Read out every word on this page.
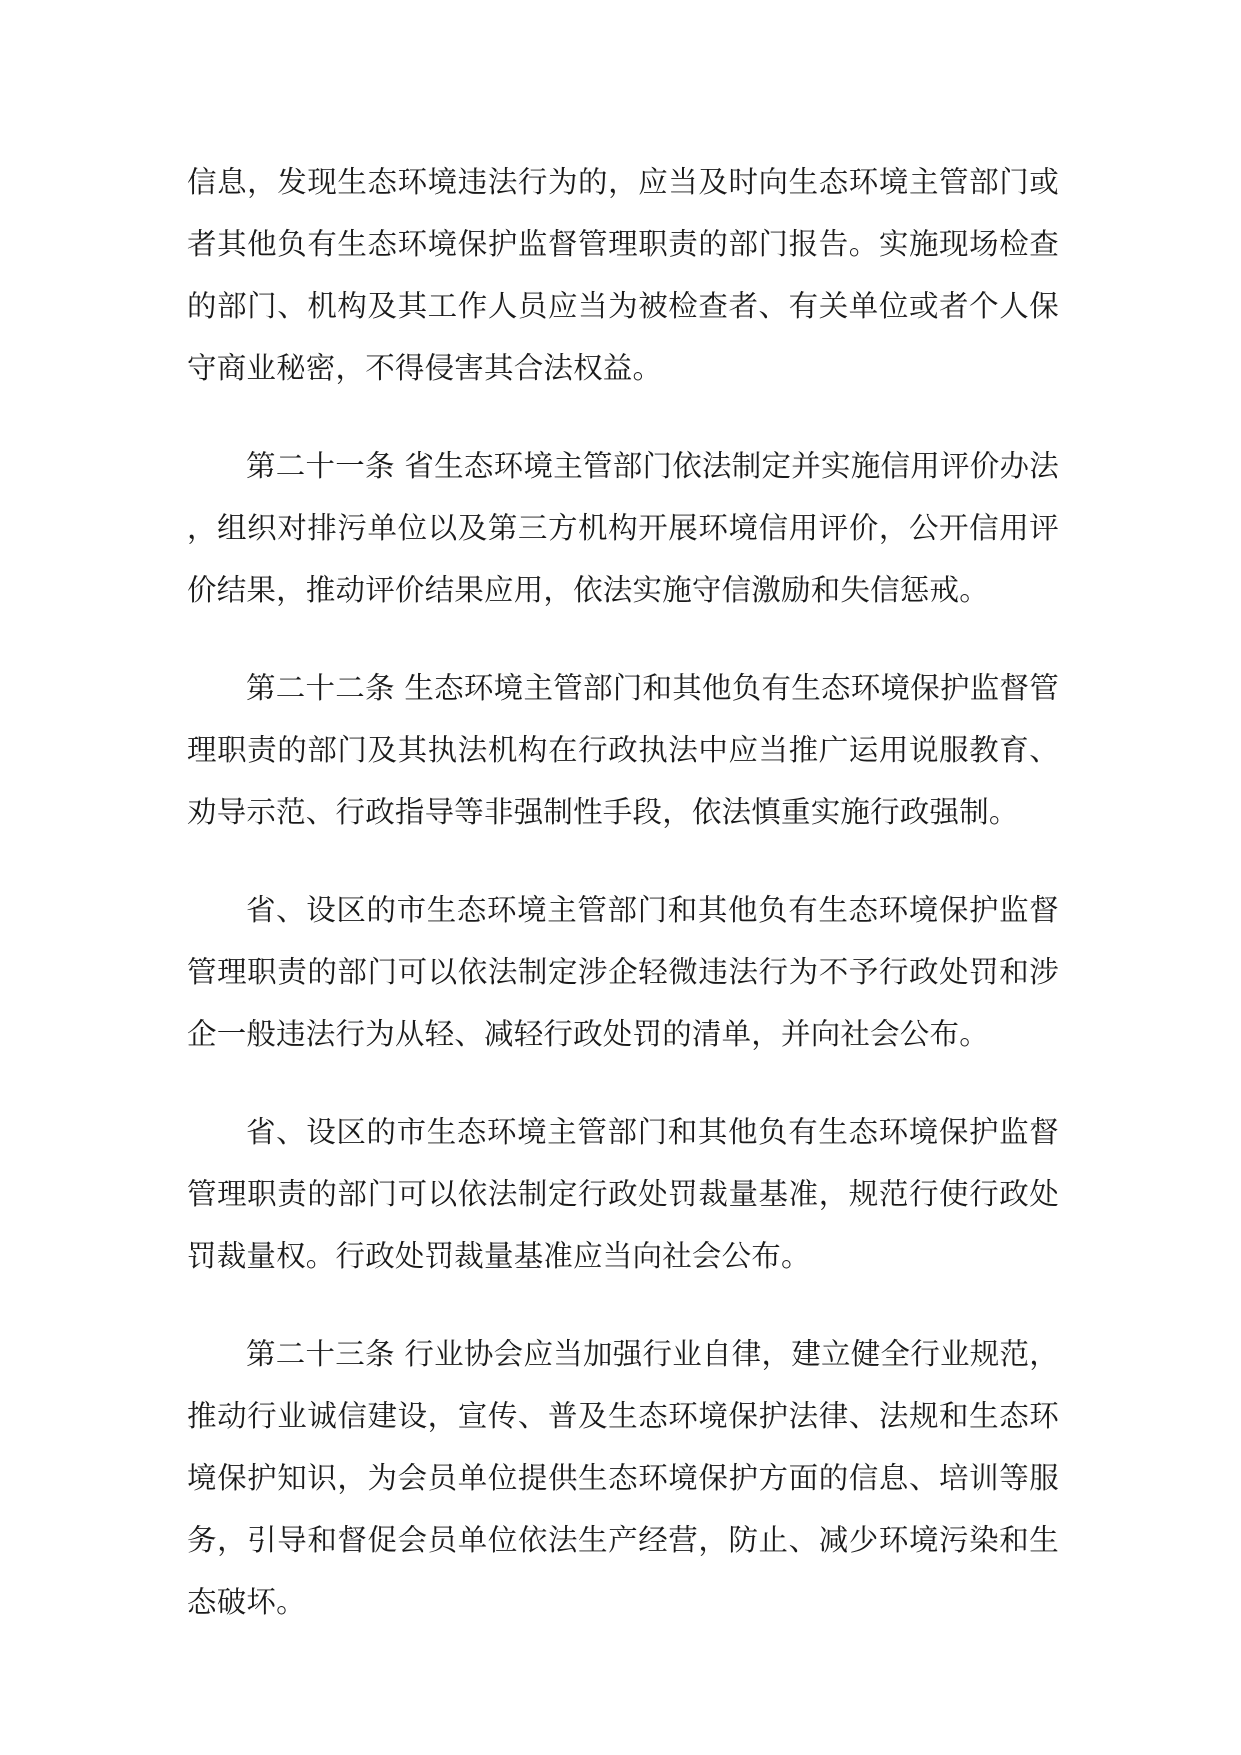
信息，发现生态环境违法行为的，应当及时向生态环境主管部门或者其他负有生态环境保护监督管理职责的部门报告。实施现场检查的部门、机构及其工作人员应当为被检查者、有关单位或者个人保守商业秘密，不得侵害其合法权益。

第二十一条 省生态环境主管部门依法制定并实施信用评价办法，组织对排污单位以及第三方机构开展环境信用评价，公开信用评价结果，推动评价结果应用，依法实施守信激励和失信惩戒。

第二十二条 生态环境主管部门和其他负有生态环境保护监督管理职责的部门及其执法机构在行政执法中应当推广运用说服教育、劝导示范、行政指导等非强制性手段，依法慎重实施行政强制。

省、设区的市生态环境主管部门和其他负有生态环境保护监督管理职责的部门可以依法制定涉企轻微违法行为不予行政处罚和涉企一般违法行为从轻、减轻行政处罚的清单，并向社会公布。

省、设区的市生态环境主管部门和其他负有生态环境保护监督管理职责的部门可以依法制定行政处罚裁量基准，规范行使行政处罚裁量权。行政处罚裁量基准应当向社会公布。

第二十三条 行业协会应当加强行业自律，建立健全行业规范，推动行业诚信建设，宣传、普及生态环境保护法律、法规和生态环境保护知识，为会员单位提供生态环境保护方面的信息、培训等服务，引导和督促会员单位依法生产经营，防止、减少环境污染和生态破坏。
